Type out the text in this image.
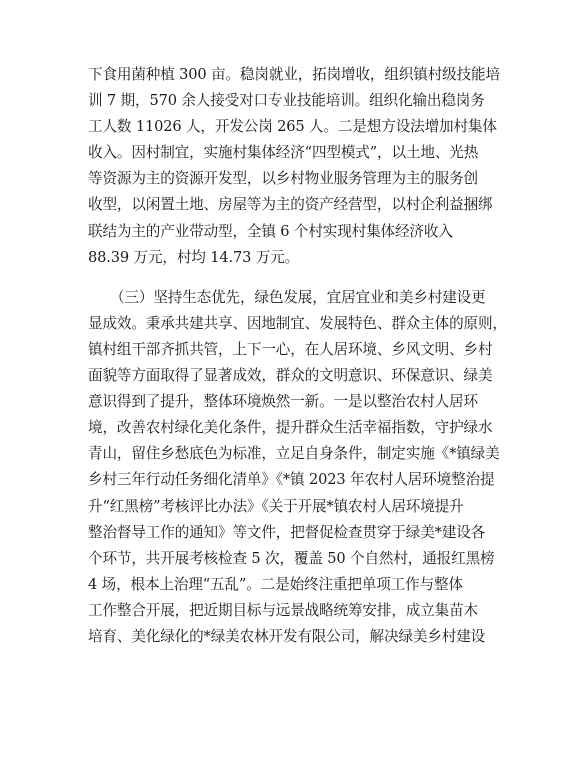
下食用菌种植 300 亩。稳岗就业，拓岗增收，组织镇村级技能培
训 7 期，570 余人接受对口专业技能培训。组织化输出稳岗务
工人数 11026 人，开发公岗 265 人。二是想方设法增加村集体
收入。因村制宜，实施村集体经济“四型模式”，以土地、光热
等资源为主的资源开发型，以乡村物业服务管理为主的服务创
收型，以闲置土地、房屋等为主的资产经营型，以村企利益捆绑
联结为主的产业带动型，全镇 6 个村实现村集体经济收入
88.39 万元，村均 14.73 万元。
（三）坚持生态优先，绿色发展，宜居宜业和美乡村建设更
显成效。秉承共建共享、因地制宜、发展特色、群众主体的原则，
镇村组干部齐抓共管，上下一心，在人居环境、乡风文明、乡村
面貌等方面取得了显著成效，群众的文明意识、环保意识、绿美
意识得到了提升，整体环境焕然一新。一是以整治农村人居环
境，改善农村绿化美化条件，提升群众生活幸福指数，守护绿水
青山，留住乡愁底色为标准，立足自身条件，制定实施《*镇绿美
乡村三年行动任务细化清单》《*镇 2023 年农村人居环境整治提
升“红黑榜”考核评比办法》《关于开展*镇农村人居环境提升
整治督导工作的通知》等文件，把督促检查贯穿于绿美*建设各
个环节，共开展考核检查 5 次，覆盖 50 个自然村，通报红黑榜
4 场，根本上治理“五乱”。二是始终注重把单项工作与整体
工作整合开展，把近期目标与远景战略统筹安排，成立集苗木
培育、美化绿化的*绿美农林开发有限公司，解决绿美乡村建设
